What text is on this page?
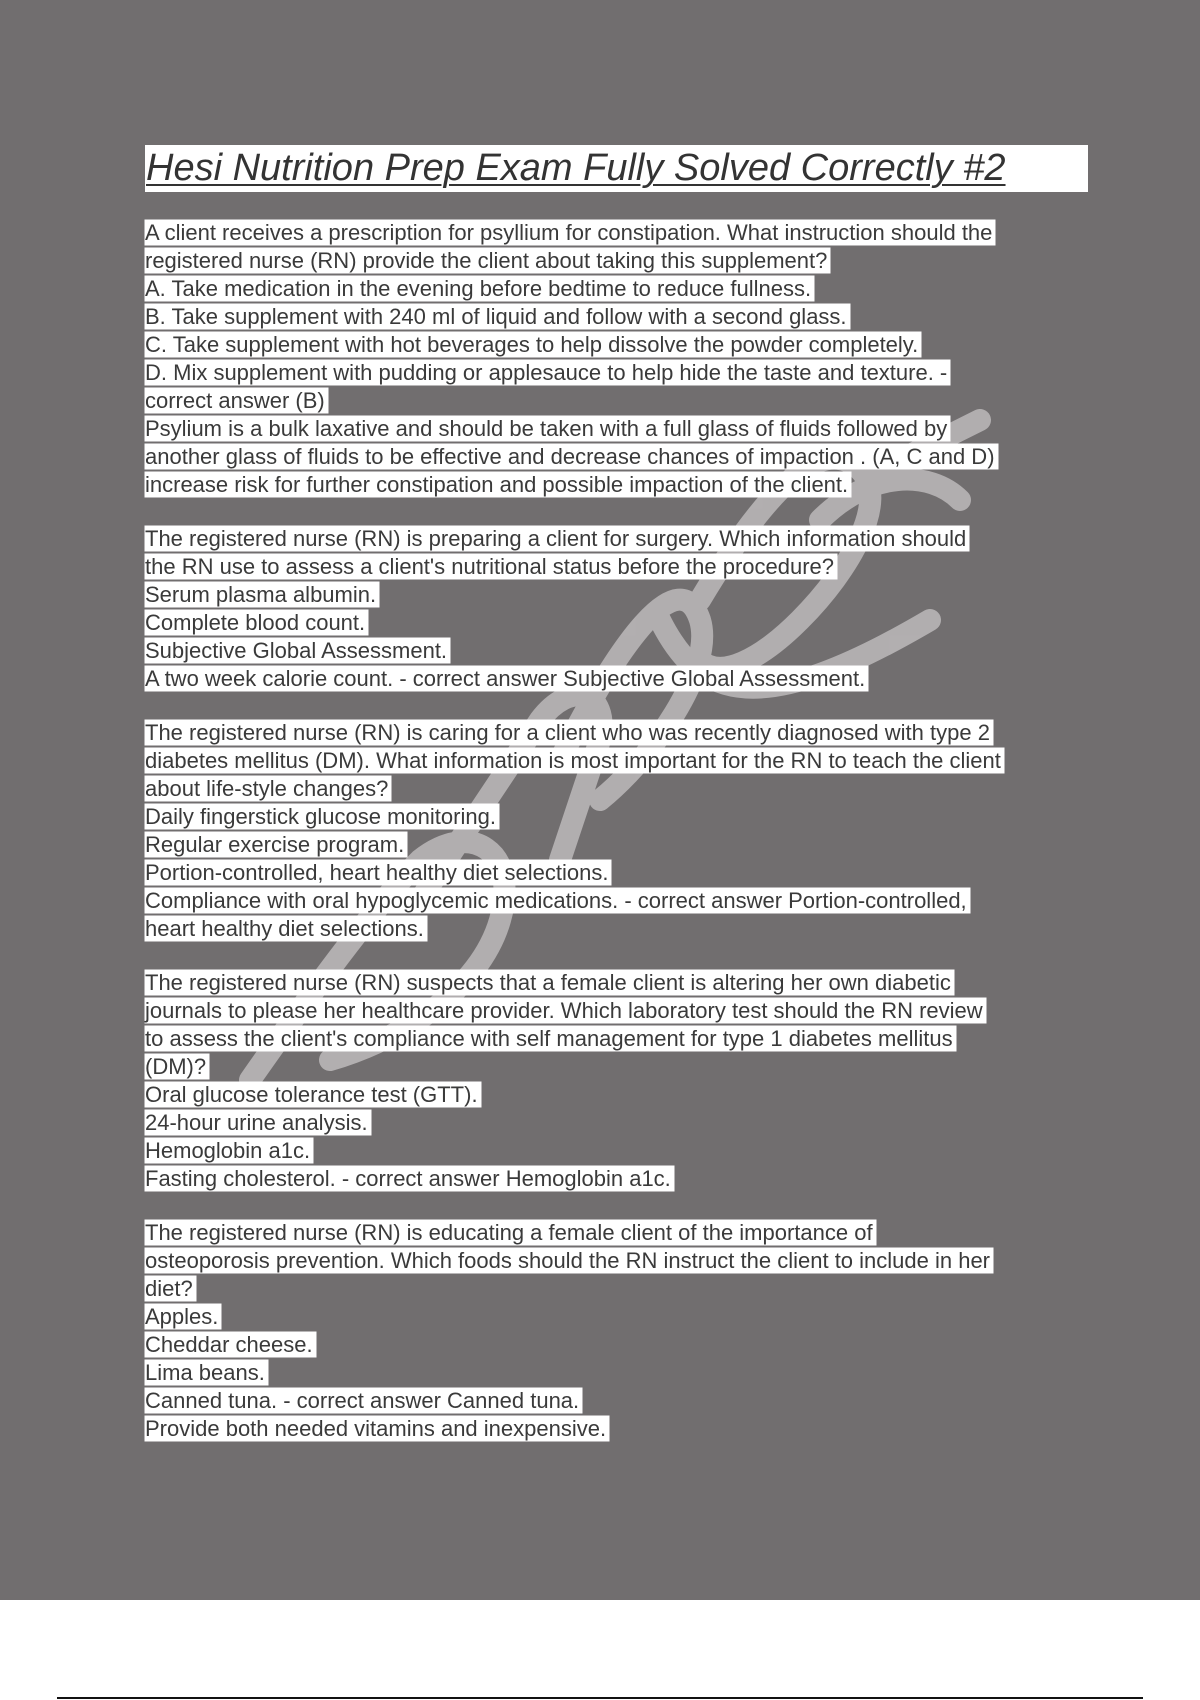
Hesi Nutrition Prep Exam Fully Solved Correctly #2
A client receives a prescription for psyllium for constipation. What instruction should the
registered nurse (RN) provide the client about taking this supplement?
A. Take medication in the evening before bedtime to reduce fullness.
B. Take supplement with 240 ml of liquid and follow with a second glass.
C. Take supplement with hot beverages to help dissolve the powder completely.
D. Mix supplement with pudding or applesauce to help hide the taste and texture. -
correct answer (B)
Psylium is a bulk laxative and should be taken with a full glass of fluids followed by
another glass of fluids to be effective and decrease chances of impaction . (A, C and D)
increase risk for further constipation and possible impaction of the client.
The registered nurse (RN) is preparing a client for surgery. Which information should
the RN use to assess a client's nutritional status before the procedure?
Serum plasma albumin.
Complete blood count.
Subjective Global Assessment.
A two week calorie count. - correct answer Subjective Global Assessment.
The registered nurse (RN) is caring for a client who was recently diagnosed with type 2
diabetes mellitus (DM). What information is most important for the RN to teach the client
about life-style changes?
Daily fingerstick glucose monitoring.
Regular exercise program.
Portion-controlled, heart healthy diet selections.
Compliance with oral hypoglycemic medications. - correct answer Portion-controlled,
heart healthy diet selections.
The registered nurse (RN) suspects that a female client is altering her own diabetic
journals to please her healthcare provider. Which laboratory test should the RN review
to assess the client's compliance with self management for type 1 diabetes mellitus
(DM)?
Oral glucose tolerance test (GTT).
24-hour urine analysis.
Hemoglobin a1c.
Fasting cholesterol. - correct answer Hemoglobin a1c.
The registered nurse (RN) is educating a female client of the importance of
osteoporosis prevention. Which foods should the RN instruct the client to include in her
diet?
Apples.
Cheddar cheese.
Lima beans.
Canned tuna. - correct answer Canned tuna.
Provide both needed vitamins and inexpensive.
